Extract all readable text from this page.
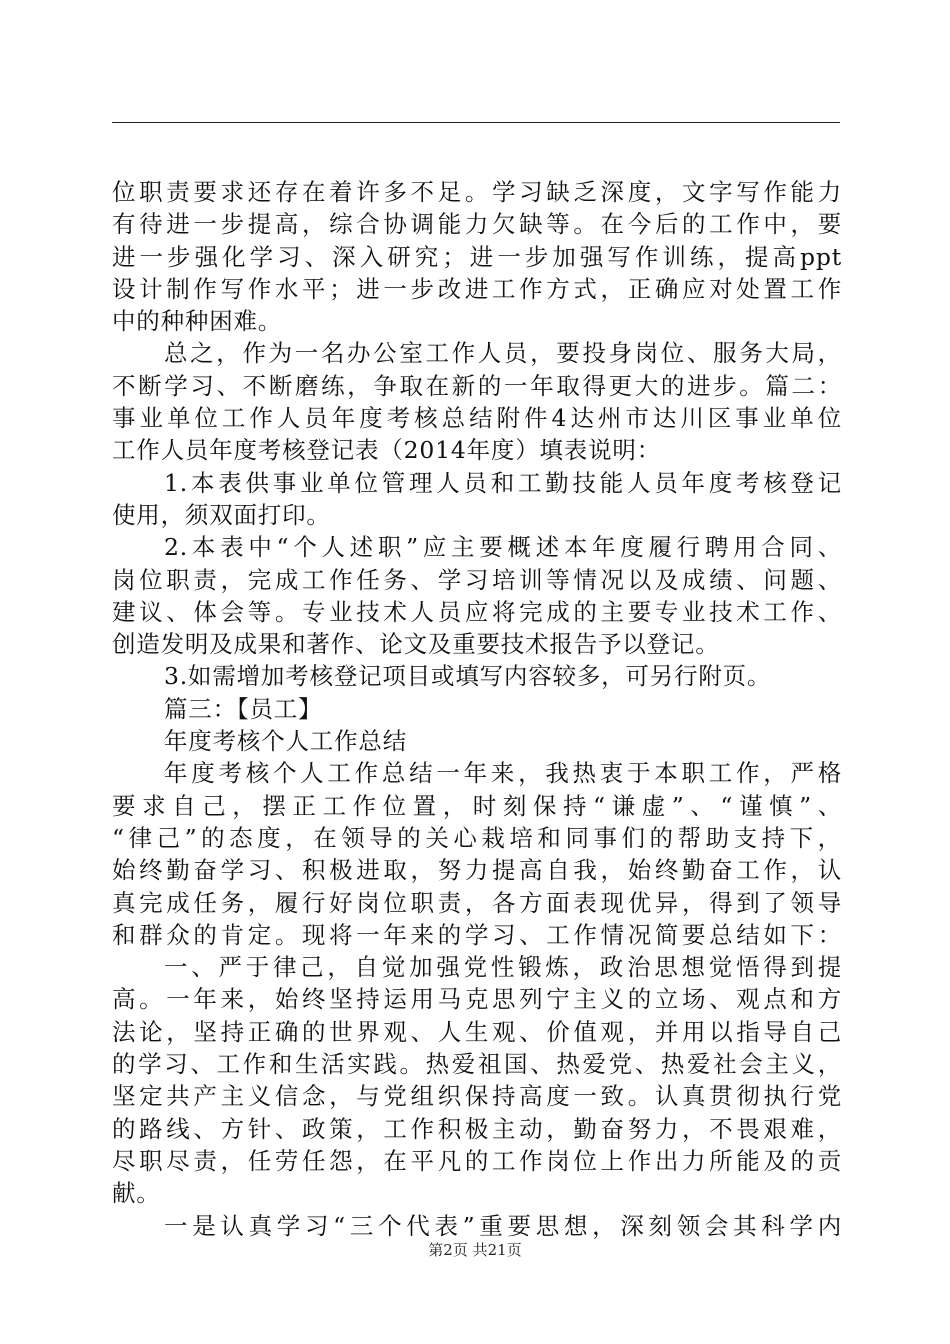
位职责要求还存在着许多不足。学习缺乏深度，文字写作能力
有待进一步提高，综合协调能力欠缺等。在今后的工作中，要
进一步强化学习、深入研究；进一步加强写作训练，提高ppt
设计制作写作水平；进一步改进工作方式，正确应对处置工作
中的种种困难。
总之，作为一名办公室工作人员，要投身岗位、服务大局，
不断学习、不断磨练，争取在新的一年取得更大的进步。篇二：
事业单位工作人员年度考核总结附件4达州市达川区事业单位
工作人员年度考核登记表（2014年度）填表说明：
1.本表供事业单位管理人员和工勤技能人员年度考核登记
使用，须双面打印。
2.本表中“个人述职”应主要概述本年度履行聘用合同、
岗位职责，完成工作任务、学习培训等情况以及成绩、问题、
建议、体会等。专业技术人员应将完成的主要专业技术工作、
创造发明及成果和著作、论文及重要技术报告予以登记。
3.如需增加考核登记项目或填写内容较多，可另行附页。
篇三：【员工】
年度考核个人工作总结
年度考核个人工作总结一年来，我热衷于本职工作，严格
要求自己，摆正工作位置，时刻保持“谦虚”、“谨慎”、
“律己”的态度，在领导的关心栽培和同事们的帮助支持下，
始终勤奋学习、积极进取，努力提高自我，始终勤奋工作，认
真完成任务，履行好岗位职责，各方面表现优异，得到了领导
和群众的肯定。现将一年来的学习、工作情况简要总结如下：
一、严于律己，自觉加强党性锻炼，政治思想觉悟得到提
高。一年来，始终坚持运用马克思列宁主义的立场、观点和方
法论，坚持正确的世界观、人生观、价值观，并用以指导自己
的学习、工作和生活实践。热爱祖国、热爱党、热爱社会主义，
坚定共产主义信念，与党组织保持高度一致。认真贯彻执行党
的路线、方针、政策，工作积极主动，勤奋努力，不畏艰难，
尽职尽责，任劳任怨，在平凡的工作岗位上作出力所能及的贡
献。
一是认真学习“三个代表”重要思想，深刻领会其科学内
第2页 共21页
